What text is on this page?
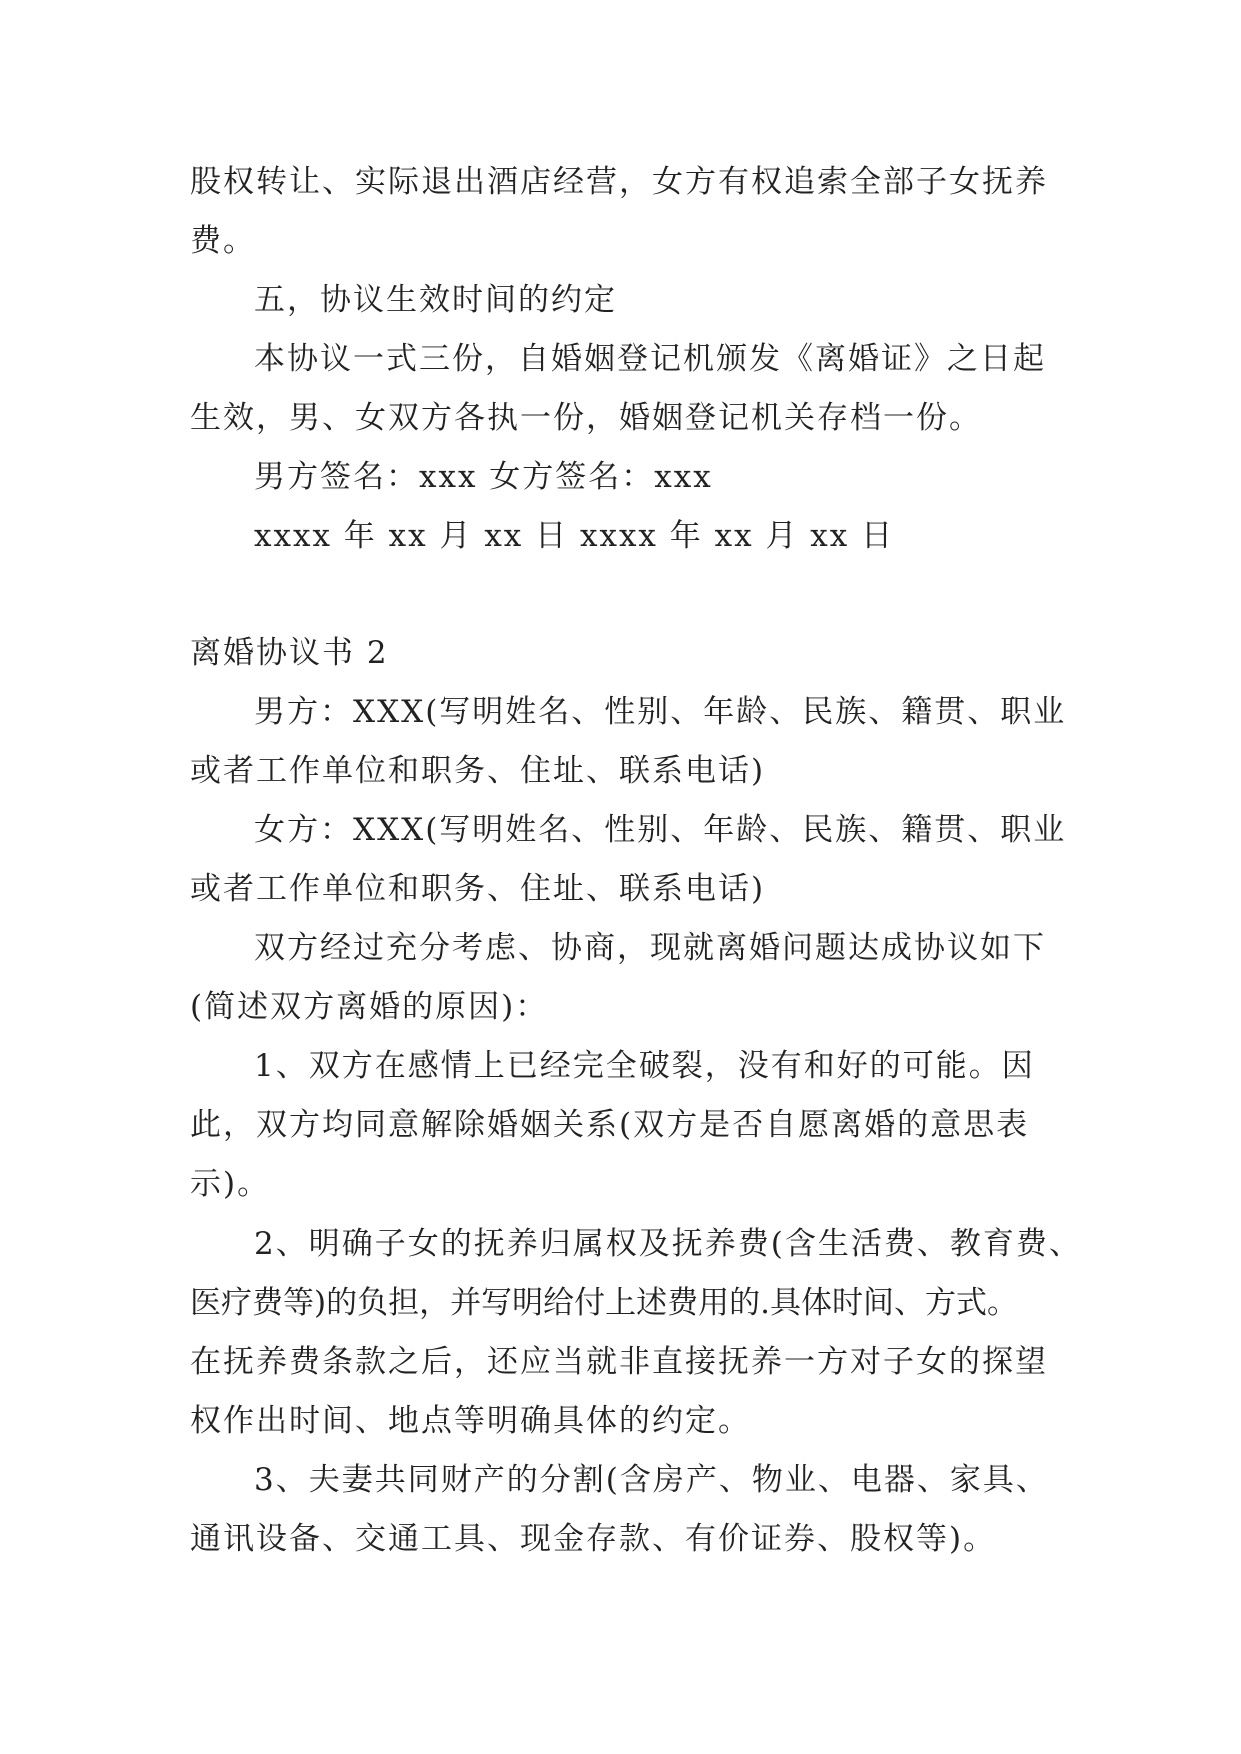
股权转让、实际退出酒店经营，女方有权追索全部子女抚养

费。

五，协议生效时间的约定

本协议一式三份，自婚姻登记机颁发《离婚证》之日起

生效，男、女双方各执一份，婚姻登记机关存档一份。

男方签名：xxx 女方签名：xxx

xxxx 年 xx 月 xx 日 xxxx 年 xx 月 xx 日

离婚协议书 2

男方：XXX(写明姓名、性别、年龄、民族、籍贯、职业

或者工作单位和职务、住址、联系电话)

女方：XXX(写明姓名、性别、年龄、民族、籍贯、职业

或者工作单位和职务、住址、联系电话)

双方经过充分考虑、协商，现就离婚问题达成协议如下

(简述双方离婚的原因)：

1、双方在感情上已经完全破裂，没有和好的可能。因

此，双方均同意解除婚姻关系(双方是否自愿离婚的意思表

示)。

2、明确子女的抚养归属权及抚养费(含生活费、教育费、

医疗费等)的负担，并写明给付上述费用的.具体时间、方式。

在抚养费条款之后，还应当就非直接抚养一方对子女的探望

权作出时间、地点等明确具体的约定。

3、夫妻共同财产的分割(含房产、物业、电器、家具、

通讯设备、交通工具、现金存款、有价证券、股权等)。
